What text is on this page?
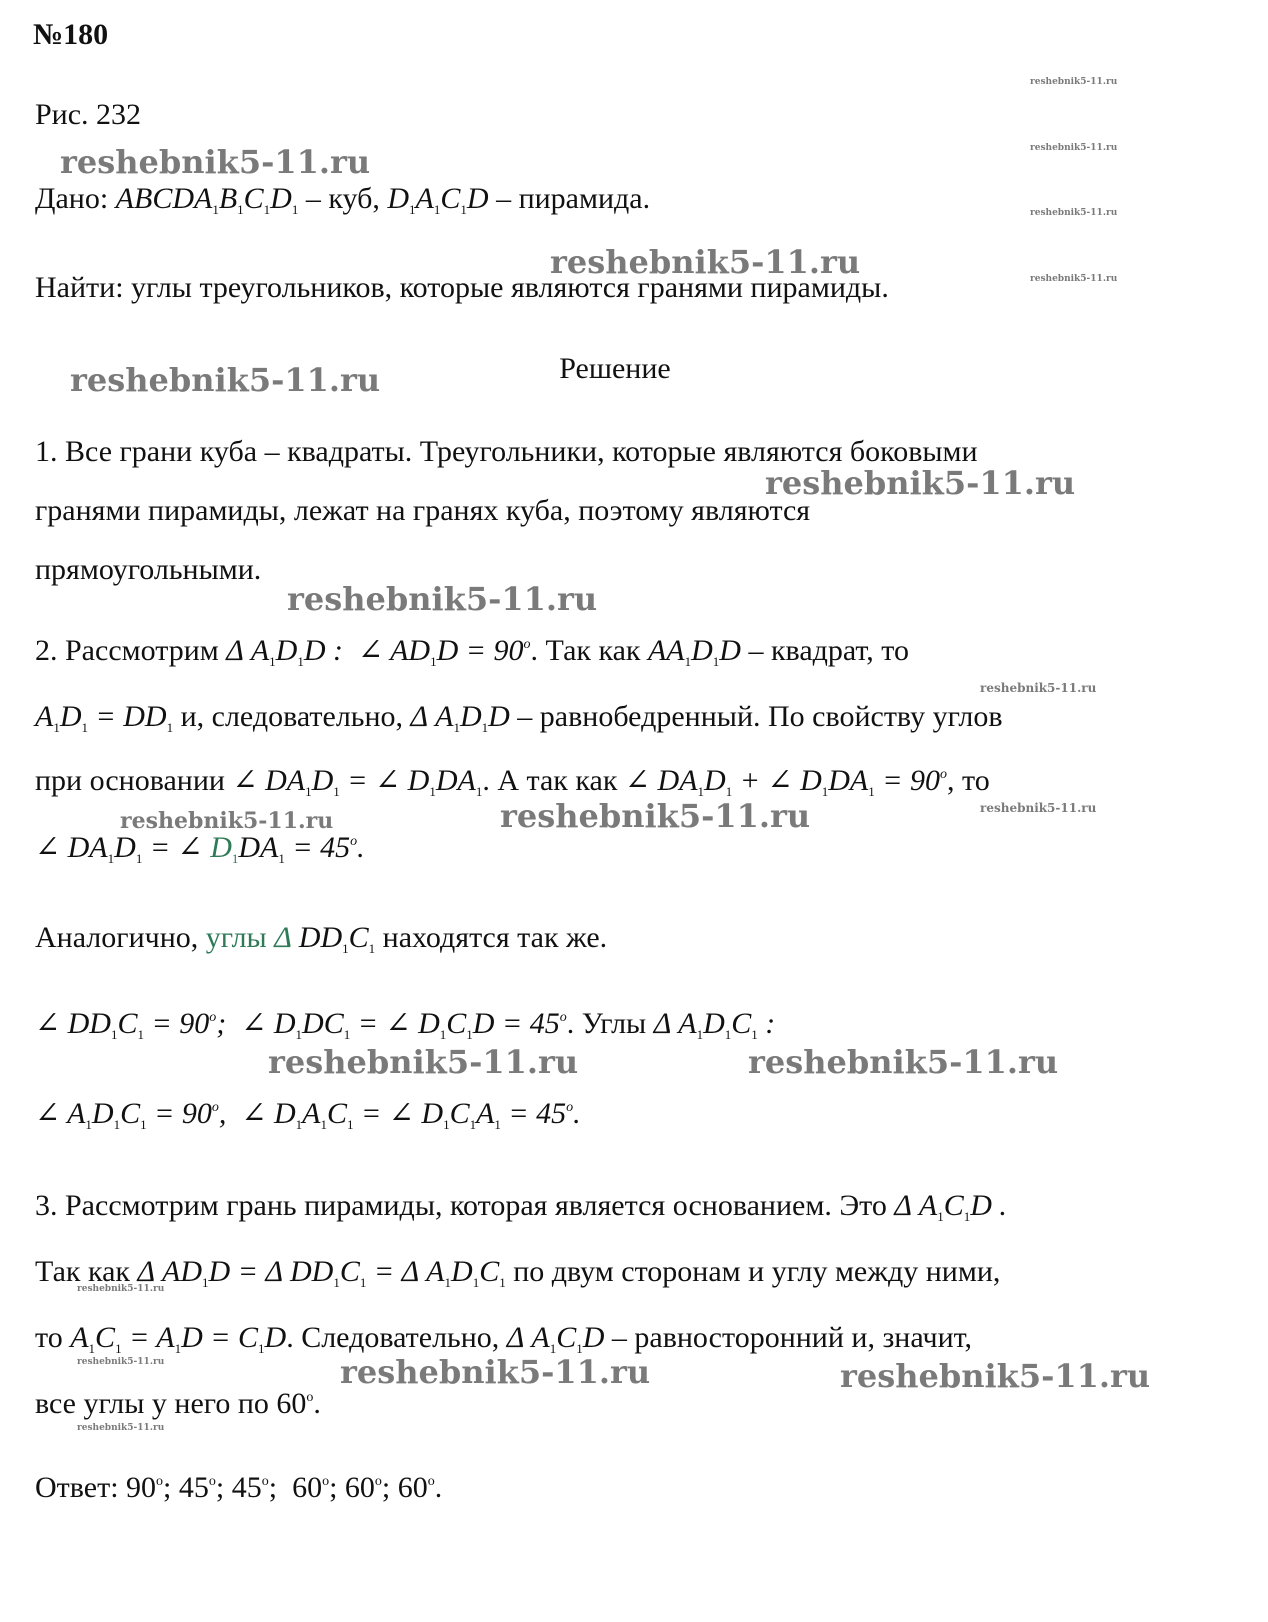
№180
Рис. 232
Дано: $ABCDA_1B_1C_1D_1$ – куб, $D_1A_1C_1D$ – пирамида.
Найти: углы треугольников, которые являются гранями пирамиды.
Решение
1. Все грани куба – квадраты. Треугольники, которые являются боковыми
гранями пирамиды, лежат на гранях куба, поэтому являются
прямоугольными.
2. Рассмотрим Δ $A_1D_1D$ : ∠ $AD_1D = 90^o$. Так как $AA_1D_1D$ – квадрат, то
$A_1D_1 = DD_1$ и, следовательно, Δ $A_1D_1D$ – равнобедренный. По свойству углов
при основании ∠ $DA_1D_1$ = ∠ $D_1DA_1$. А так как ∠ $DA_1D_1$ + ∠ $D_1DA_1 = 90^o$, то
∠ $DA_1D_1$ = ∠ $D_1DA_1 = 45^o$.
Аналогично, углы Δ $DD_1C_1$ находятся так же.
∠ $DD_1C_1 = 90^o$;  ∠ $D_1DC_1$ = ∠ $D_1C_1D = 45^o$. Углы Δ $A_1D_1C_1$ :
∠ $A_1D_1C_1 = 90^o$,  ∠ $D_1A_1C_1$ = ∠ $D_1C_1A_1 = 45^o$.
3. Рассмотрим грань пирамиды, которая является основанием. Это Δ $A_1C_1D$ .
Так как Δ $AD_1D = \Delta$ $DD_1C_1 = \Delta$ $A_1D_1C_1$ по двум сторонам и углу между ними,
то $A_1C_1 = A_1D = C_1D$. Следовательно, Δ $A_1C_1D$ – равносторонний и, значит,
все углы у него по 60$^o$.
Ответ: 90$^o$; 45$^o$; 45$^o$; 60$^o$; 60$^o$; 60$^o$.
reshebnik5-11.ru
reshebnik5-11.ru
reshebnik5-11.ru
reshebnik5-11.ru
reshebnik5-11.ru
reshebnik5-11.ru
reshebnik5-11.ru	reshebnik5-11.ru
reshebnik5-11.ru	reshebnik5-11.ru
reshebnik5-11.ru
reshebnik5-11.ru
reshebnik5-11.ru
reshebnik5-11.ru
reshebnik5-11.ru
reshebnik5-11.ru
reshebnik5-11.ru
reshebnik5-11.ru
reshebnik5-11.ru
reshebnik5-11.ru
